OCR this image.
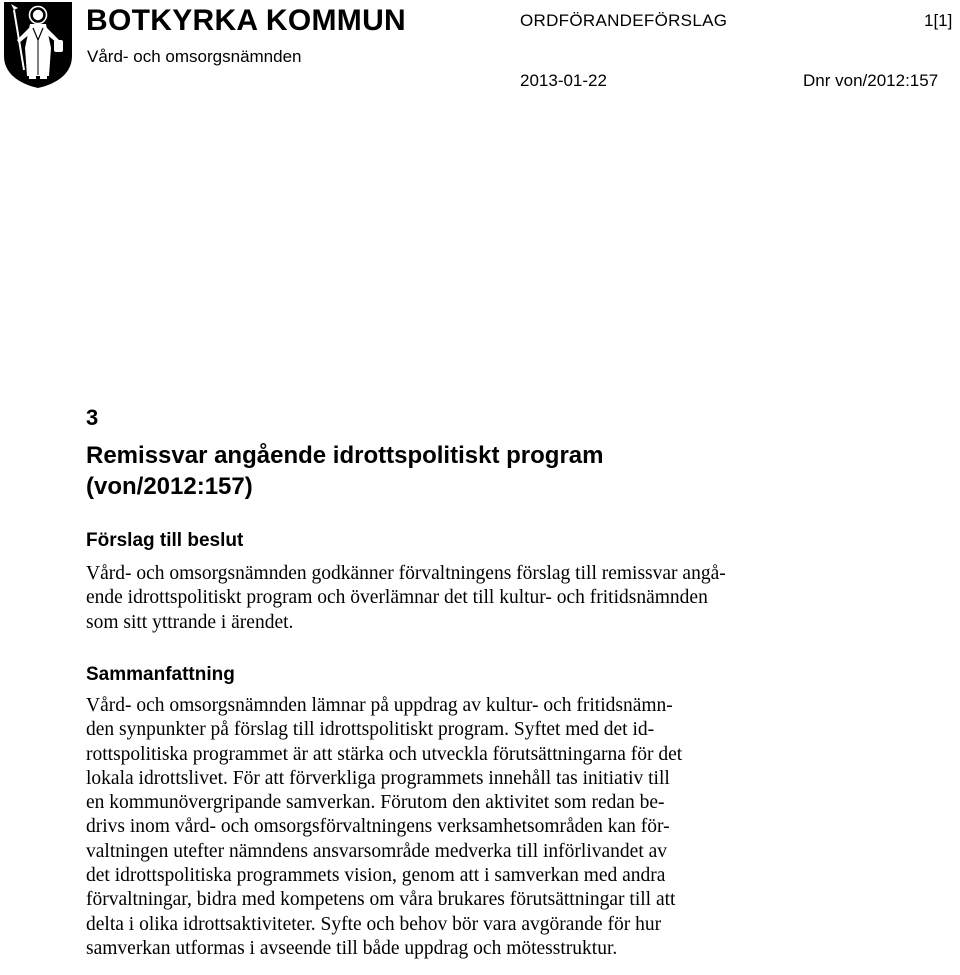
BOTKYRKA KOMMUN
Vård- och omsorgsnämnden
ORDFÖRANDEFÖRSLAG	1[1]
2013-01-22	Dnr von/2012:157
3
Remissvar angående idrottspolitiskt program
(von/2012:157)
Förslag till beslut
Vård- och omsorgsnämnden godkänner förvaltningens förslag till remissvar angå-
ende idrottspolitiskt program och överlämnar det till kultur- och fritidsnämnden
som sitt yttrande i ärendet.
Sammanfattning
Vård- och omsorgsnämnden lämnar på uppdrag av kultur- och fritidsnämn-
den synpunkter på förslag till idrottspolitiskt program. Syftet med det id-
rottspolitiska programmet är att stärka och utveckla förutsättningarna för det
lokala idrottslivet. För att förverkliga programmets innehåll tas initiativ till
en kommunövergripande samverkan. Förutom den aktivitet som redan be-
drivs inom vård- och omsorgsförvaltningens verksamhetsområden kan för-
valtningen utefter nämndens ansvarsområde medverka till införlivandet av
det idrottspolitiska programmets vision, genom att i samverkan med andra
förvaltningar, bidra med kompetens om våra brukares förutsättningar till att
delta i olika idrottsaktiviteter. Syfte och behov bör vara avgörande för hur
samverkan utformas i avseende till både uppdrag och mötesstruktur.
